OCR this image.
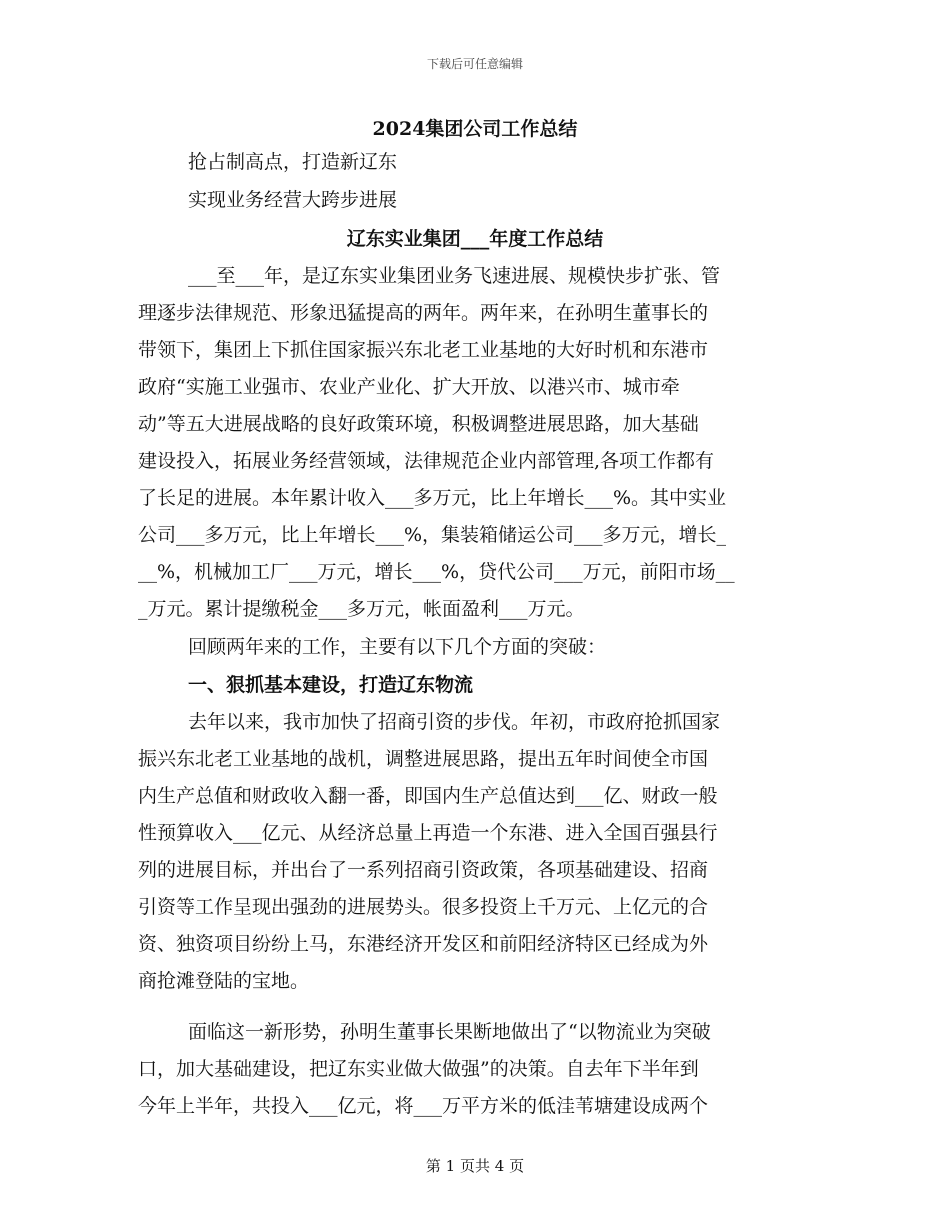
下载后可任意编辑
2024集团公司工作总结
抢占制高点，打造新辽东
实现业务经营大跨步进展
辽东实业集团___年度工作总结
___至___年，是辽东实业集团业务飞速进展、规模快步扩张、管
理逐步法律规范、形象迅猛提高的两年。两年来，在孙明生董事长的
带领下，集团上下抓住国家振兴东北老工业基地的大好时机和东港市
政府“实施工业强市、农业产业化、扩大开放、以港兴市、城市牵
动”等五大进展战略的良好政策环境，积极调整进展思路，加大基础
建设投入，拓展业务经营领域，法律规范企业内部管理,各项工作都有
了长足的进展。本年累计收入___多万元，比上年增长___%。其中实业
公司___多万元，比上年增长___%，集装箱储运公司___多万元，增长_
__%，机械加工厂___万元，增长___%，贷代公司___万元，前阳市场__
_万元。累计提缴税金___多万元，帐面盈利___万元。
回顾两年来的工作，主要有以下几个方面的突破：
一、狠抓基本建设，打造辽东物流
去年以来，我市加快了招商引资的步伐。年初，市政府抢抓国家
振兴东北老工业基地的战机，调整进展思路，提出五年时间使全市国
内生产总值和财政收入翻一番，即国内生产总值达到___亿、财政一般
性预算收入___亿元、从经济总量上再造一个东港、进入全国百强县行
列的进展目标，并出台了一系列招商引资政策，各项基础建设、招商
引资等工作呈现出强劲的进展势头。很多投资上千万元、上亿元的合
资、独资项目纷纷上马，东港经济开发区和前阳经济特区已经成为外
商抢滩登陆的宝地。
面临这一新形势，孙明生董事长果断地做出了“以物流业为突破
口，加大基础建设，把辽东实业做大做强”的决策。自去年下半年到
今年上半年，共投入___亿元，将___万平方米的低洼苇塘建设成两个
第 1 页共 4 页
